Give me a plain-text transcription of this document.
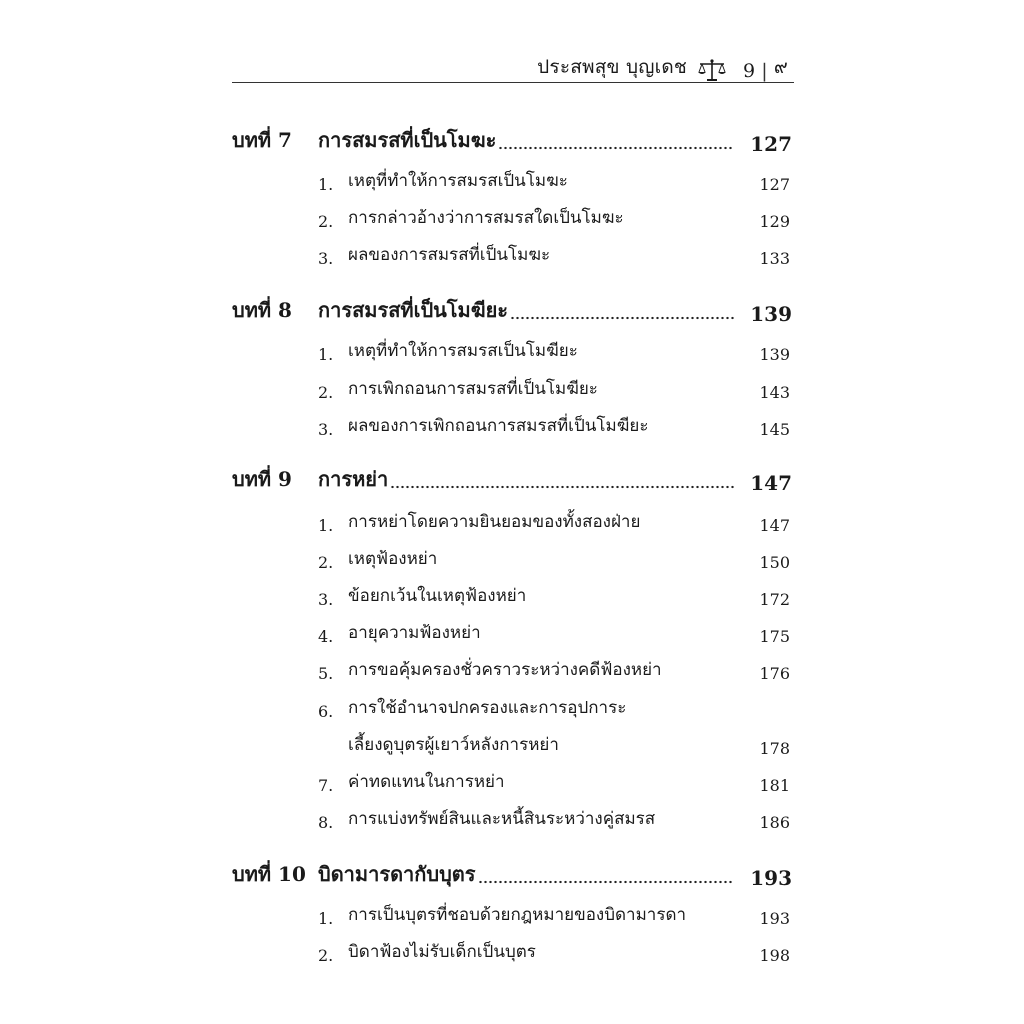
ประสพสุข บุญเดช	9 | ๙
บทที่ 7 การสมรสที่เป็นโมฆะ	127
1. เหตุที่ทำให้การสมรสเป็นโมฆะ	127
2. การกล่าวอ้างว่าการสมรสใดเป็นโมฆะ	129
3. ผลของการสมรสที่เป็นโมฆะ	133
บทที่ 8 การสมรสที่เป็นโมฆียะ	139
1. เหตุที่ทำให้การสมรสเป็นโมฆียะ	139
2. การเพิกถอนการสมรสที่เป็นโมฆียะ	143
3. ผลของการเพิกถอนการสมรสที่เป็นโมฆียะ	145
บทที่ 9 การหย่า	147
1. การหย่าโดยความยินยอมของทั้งสองฝ่าย	147
2. เหตุฟ้องหย่า	150
3. ข้อยกเว้นในเหตุฟ้องหย่า	172
4. อายุความฟ้องหย่า	175
5. การขอคุ้มครองชั่วคราวระหว่างคดีฟ้องหย่า	176
6. การใช้อำนาจปกครองและการอุปการะ
เลี้ยงดูบุตรผู้เยาว์หลังการหย่า	178
7. ค่าทดแทนในการหย่า	181
8. การแบ่งทรัพย์สินและหนี้สินระหว่างคู่สมรส	186
บทที่ 10 บิดามารดากับบุตร	193
1. การเป็นบุตรที่ชอบด้วยกฎหมายของบิดามารดา	193
2. บิดาฟ้องไม่รับเด็กเป็นบุตร	198
